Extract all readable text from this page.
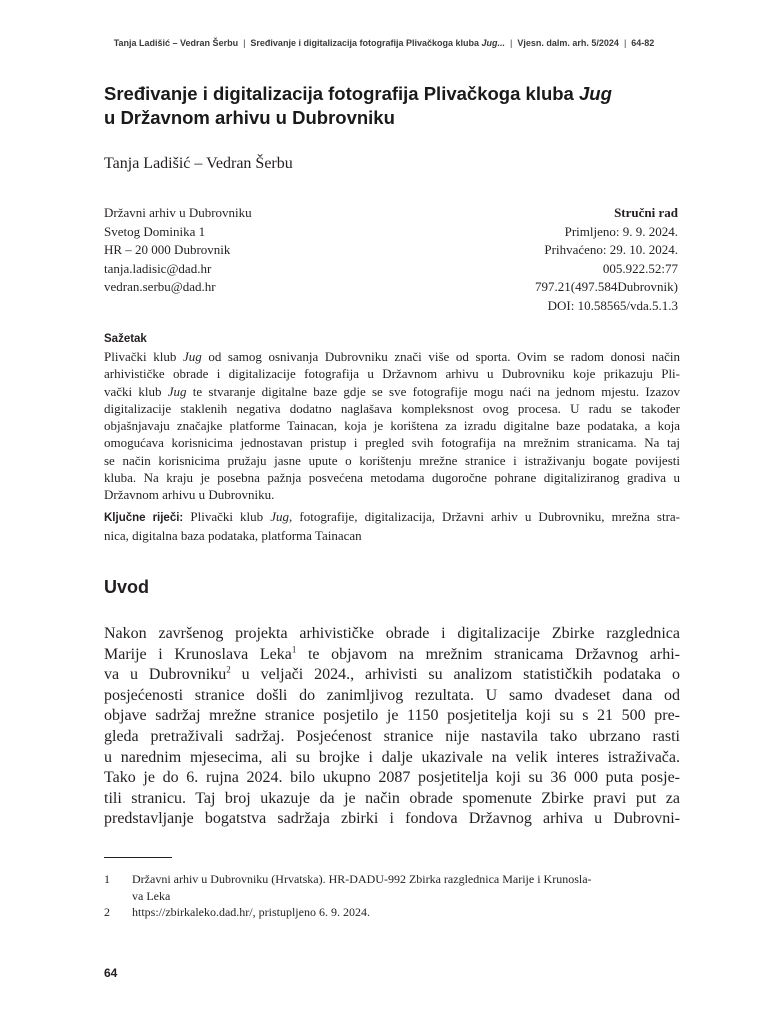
Tanja Ladišić – Vedran Šerbu | Sređivanje i digitalizacija fotografija Plivačkoga kluba Jug... | Vjesn. dalm. arh. 5/2024 | 64-82
Sređivanje i digitalizacija fotografija Plivačkoga kluba Jug
u Državnom arhivu u Dubrovniku
Tanja Ladišić – Vedran Šerbu
Državni arhiv u Dubrovniku
Svetog Dominika 1
HR – 20 000 Dubrovnik
tanja.ladisic@dad.hr
vedran.serbu@dad.hr
Stručni rad
Primljeno: 9. 9. 2024.
Prihvaćeno: 29. 10. 2024.
005.922.52:77
797.21(497.584Dubrovnik)
DOI: 10.58565/vda.5.1.3
Sažetak
Plivački klub Jug od samog osnivanja Dubrovniku znači više od sporta. Ovim se radom donosi način
arhivističke obrade i digitalizacije fotografija u Državnom arhivu u Dubrovniku koje prikazuju Pli-
vački klub Jug te stvaranje digitalne baze gdje se sve fotografije mogu naći na jednom mjestu. Izazov
digitalizacije staklenih negativa dodatno naglašava kompleksnost ovog procesa. U radu se također
objašnjavaju značajke platforme Tainacan, koja je korištena za izradu digitalne baze podataka, a koja
omogućava korisnicima jednostavan pristup i pregled svih fotografija na mrežnim stranicama. Na taj
se način korisnicima pružaju jasne upute o korištenju mrežne stranice i istraživanju bogate povijesti
kluba. Na kraju je posebna pažnja posvećena metodama dugoročne pohrane digitaliziranog gradiva u
Državnom arhivu u Dubrovniku.
Ključne riječi: Plivački klub Jug, fotografije, digitalizacija, Državni arhiv u Dubrovniku, mrežna stra-
nica, digitalna baza podataka, platforma Tainacan
Uvod
Nakon završenog projekta arhivističke obrade i digitalizacije Zbirke razglednica
Marije i Krunoslava Leka$^1$ te objavom na mrežnim stranicama Državnog arhi-
va u Dubrovniku$^2$ u veljači 2024., arhivisti su analizom statističkih podataka o
posjećenosti stranice došli do zanimljivog rezultata. U samo dvadeset dana od
objave sadržaj mrežne stranice posjetilo je 1150 posjetitelja koji su s 21 500 pre-
gleda pretraživali sadržaj. Posjećenost stranice nije nastavila tako ubrzano rasti
u narednim mjesecima, ali su brojke i dalje ukazivale na velik interes istraživača.
Tako je do 6. rujna 2024. bilo ukupno 2087 posjetitelja koji su 36 000 puta posje-
tili stranicu. Taj broj ukazuje da je način obrade spomenute Zbirke pravi put za
predstavljanje bogatstva sadržaja zbirki i fondova Državnog arhiva u Dubrovni-
1 Državni arhiv u Dubrovniku (Hrvatska). HR-DADU-992 Zbirka razglednica Marije i Krunosla-
va Leka
2 https://zbirkaleko.dad.hr/, pristupljeno 6. 9. 2024.
64
